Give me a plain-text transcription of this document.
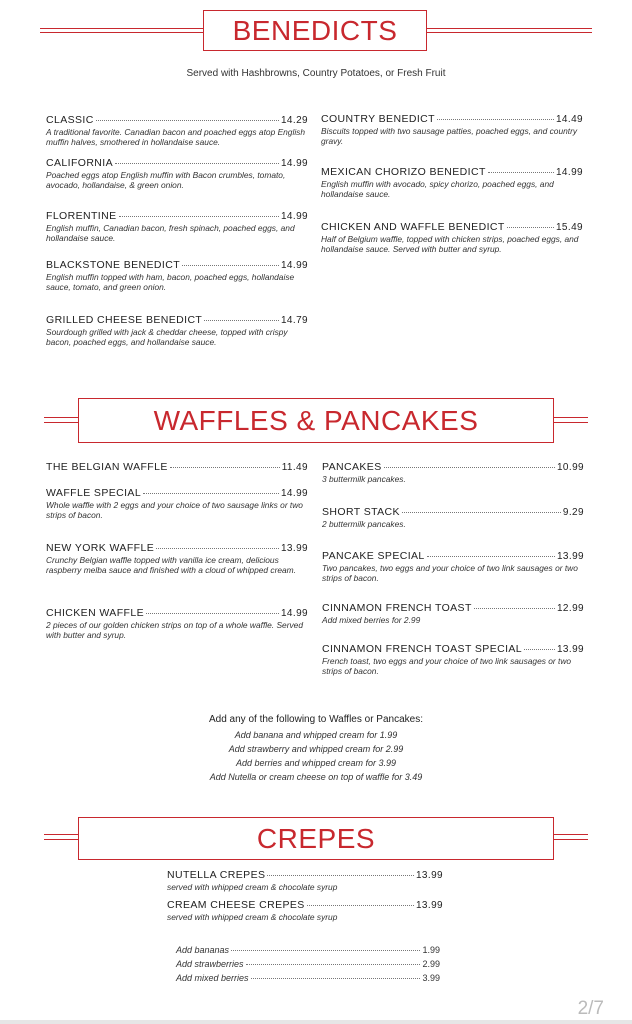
BENEDICTS
Served with Hashbrowns, Country Potatoes, or Fresh Fruit
CLASSIC	14.29
A traditional favorite. Canadian bacon and poached eggs atop English muffin halves, smothered in hollandaise sauce.
CALIFORNIA	14.99
Poached eggs atop English muffin with Bacon crumbles, tomato, avocado, hollandaise, & green onion.
FLORENTINE	14.99
English muffin, Canadian bacon, fresh spinach, poached eggs, and hollandaise sauce.
BLACKSTONE BENEDICT	14.99
English muffin topped with ham, bacon, poached eggs, hollandaise sauce, tomato, and green onion.
GRILLED CHEESE BENEDICT	14.79
Sourdough grilled with jack & cheddar cheese, topped with crispy bacon, poached eggs, and hollandaise sauce.
COUNTRY BENEDICT	14.49
Biscuits topped with two sausage patties, poached eggs, and country gravy.
MEXICAN CHORIZO BENEDICT	14.99
English muffin with avocado, spicy chorizo, poached eggs, and hollandaise sauce.
CHICKEN AND WAFFLE BENEDICT	15.49
Half of Belgium waffle, topped with chicken strips, poached eggs, and hollandaise sauce. Served with butter and syrup.
WAFFLES & PANCAKES
THE BELGIAN WAFFLE	11.49
WAFFLE SPECIAL	14.99
Whole waffle with 2 eggs and your choice of two sausage links or two strips of bacon.
NEW YORK WAFFLE	13.99
Crunchy Belgian waffle topped with vanilla ice cream, delicious raspberry melba sauce and finished with a cloud of whipped cream.
CHICKEN WAFFLE	14.99
2 pieces of our golden chicken strips on top of a whole waffle. Served with butter and syrup.
PANCAKES	10.99
3 buttermilk pancakes.
SHORT STACK	9.29
2 buttermilk pancakes.
PANCAKE SPECIAL	13.99
Two pancakes, two eggs and your choice of two link sausages or two strips of bacon.
CINNAMON FRENCH TOAST	12.99
Add mixed berries for 2.99
CINNAMON FRENCH TOAST SPECIAL	13.99
French toast, two eggs and your choice of two link sausages or two strips of bacon.
Add any of the following to Waffles or Pancakes:
Add banana and whipped cream for 1.99
Add strawberry and whipped cream for 2.99
Add berries and whipped cream for 3.99
Add Nutella or cream cheese on top of waffle for 3.49
CREPES
NUTELLA CREPES	13.99
served with whipped cream & chocolate syrup
CREAM CHEESE CREPES	13.99
served with whipped cream & chocolate syrup
Add bananas	1.99
Add strawberries	2.99
Add mixed berries	3.99
2/7
